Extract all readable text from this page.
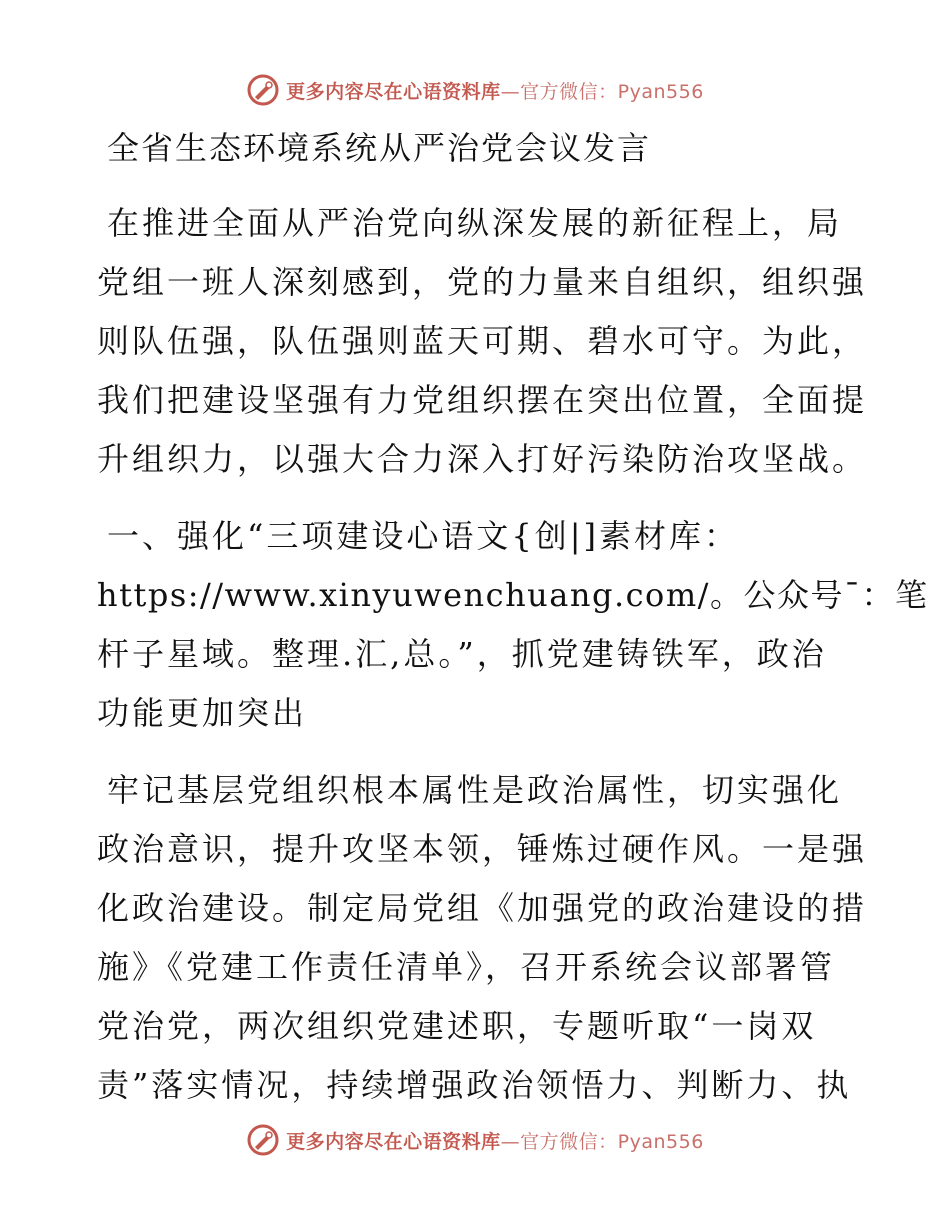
更多内容尽在心语资料库—官方微信：Pyan556
全省生态环境系统从严治党会议发言
在推进全面从严治党向纵深发展的新征程上，局
党组一班人深刻感到，党的力量来自组织，组织强
则队伍强，队伍强则蓝天可期、碧水可守。为此，
我们把建设坚强有力党组织摆在突出位置，全面提
升组织力，以强大合力深入打好污染防治攻坚战。
一、强化“三项建设心语文{创|]素材库：
https://www.xinyuwenchuang.com/。公众号¯：笔
杆子星域。整理.汇,总。”，抓党建铸铁军，政治
功能更加突出
牢记基层党组织根本属性是政治属性，切实强化
政治意识，提升攻坚本领，锤炼过硬作风。一是强
化政治建设。制定局党组《加强党的政治建设的措
施》《党建工作责任清单》，召开系统会议部署管
党治党，两次组织党建述职，专题听取“一岗双
责”落实情况，持续增强政治领悟力、判断力、执
更多内容尽在心语资料库—官方微信：Pyan556
